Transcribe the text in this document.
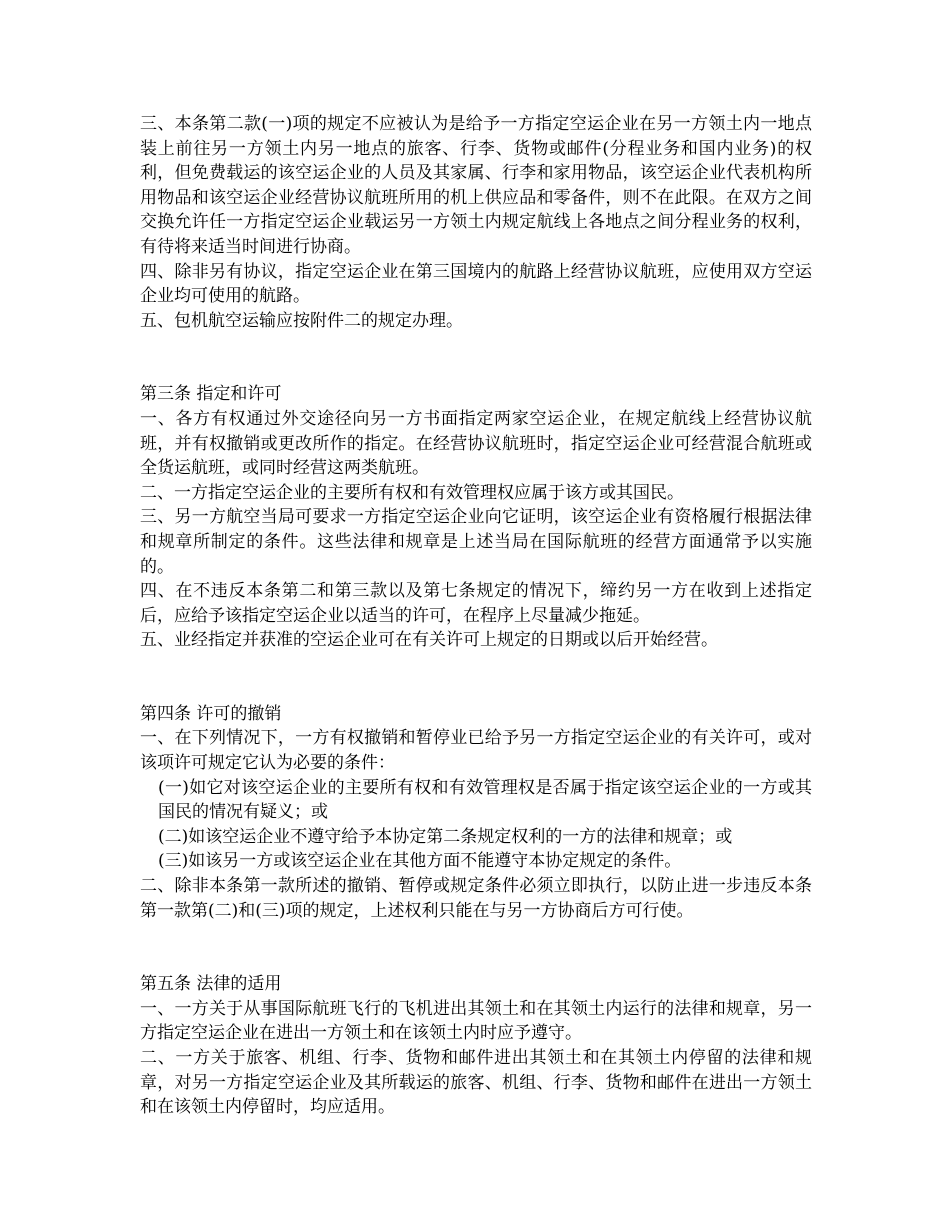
三、本条第二款(一)项的规定不应被认为是给予一方指定空运企业在另一方领土内一地点装上前往另一方领土内另一地点的旅客、行李、货物或邮件(分程业务和国内业务)的权利，但免费载运的该空运企业的人员及其家属、行李和家用物品，该空运企业代表机构所用物品和该空运企业经营协议航班所用的机上供应品和零备件，则不在此限。在双方之间交换允许任一方指定空运企业载运另一方领土内规定航线上各地点之间分程业务的权利，有待将来适当时间进行协商。

四、除非另有协议，指定空运企业在第三国境内的航路上经营协议航班，应使用双方空运企业均可使用的航路。

五、包机航空运输应按附件二的规定办理。

第三条 指定和许可

一、各方有权通过外交途径向另一方书面指定两家空运企业，在规定航线上经营协议航班，并有权撤销或更改所作的指定。在经营协议航班时，指定空运企业可经营混合航班或全货运航班，或同时经营这两类航班。

二、一方指定空运企业的主要所有权和有效管理权应属于该方或其国民。

三、另一方航空当局可要求一方指定空运企业向它证明，该空运企业有资格履行根据法律和规章所制定的条件。这些法律和规章是上述当局在国际航班的经营方面通常予以实施的。

四、在不违反本条第二和第三款以及第七条规定的情况下，缔约另一方在收到上述指定后，应给予该指定空运企业以适当的许可，在程序上尽量减少拖延。

五、业经指定并获准的空运企业可在有关许可上规定的日期或以后开始经营。

第四条 许可的撤销

一、在下列情况下，一方有权撤销和暂停业已给予另一方指定空运企业的有关许可，或对该项许可规定它认为必要的条件：

(一)如它对该空运企业的主要所有权和有效管理权是否属于指定该空运企业的一方或其国民的情况有疑义；或

(二)如该空运企业不遵守给予本协定第二条规定权利的一方的法律和规章；或

(三)如该另一方或该空运企业在其他方面不能遵守本协定规定的条件。

二、除非本条第一款所述的撤销、暂停或规定条件必须立即执行，以防止进一步违反本条第一款第(二)和(三)项的规定，上述权利只能在与另一方协商后方可行使。

第五条 法律的适用

一、一方关于从事国际航班飞行的飞机进出其领土和在其领土内运行的法律和规章，另一方指定空运企业在进出一方领土和在该领土内时应予遵守。

二、一方关于旅客、机组、行李、货物和邮件进出其领土和在其领土内停留的法律和规章，对另一方指定空运企业及其所载运的旅客、机组、行李、货物和邮件在进出一方领土和在该领土内停留时，均应适用。
